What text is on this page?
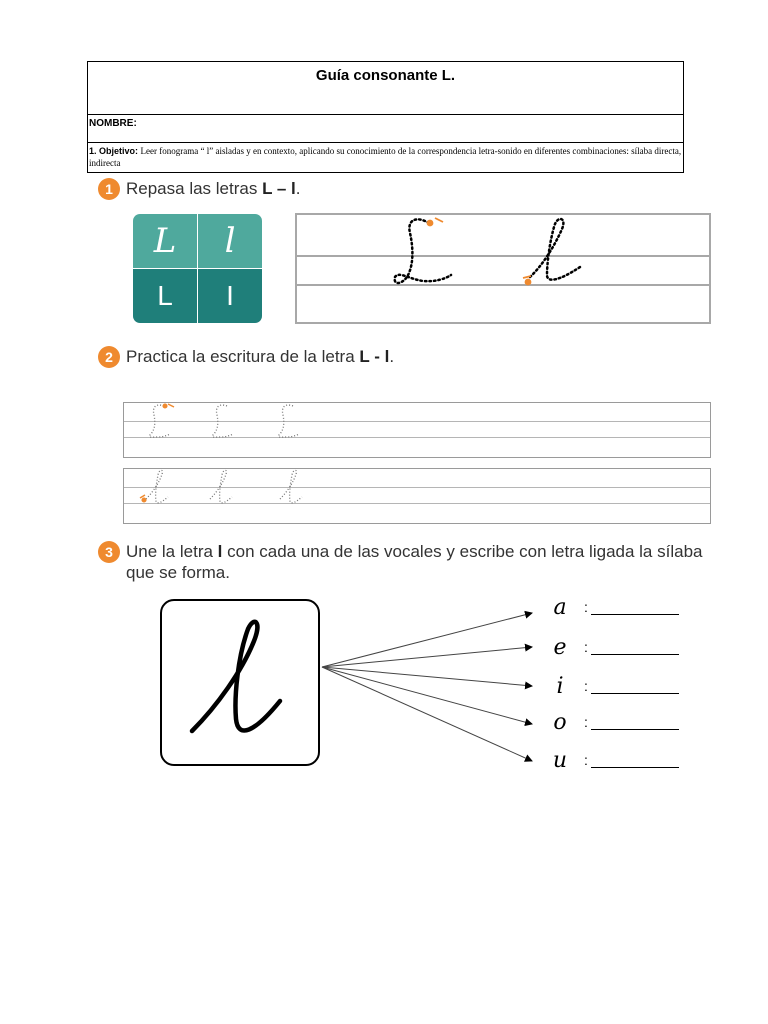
Guía consonante L.
NOMBRE:
1. Objetivo: Leer fonograma “ l” aisladas y en contexto, aplicando su conocimiento de la correspondencia letra-sonido en diferentes combinaciones: sílaba directa, indirecta
1 Repasa las letras L – l.
L	l
L	I
2 Practica la escritura de la letra L - l.
3 Une la letra l con cada una de las vocales y escribe con letra ligada la sílaba que se forma.
a	:
e	:
i	:
o	:
u	:
